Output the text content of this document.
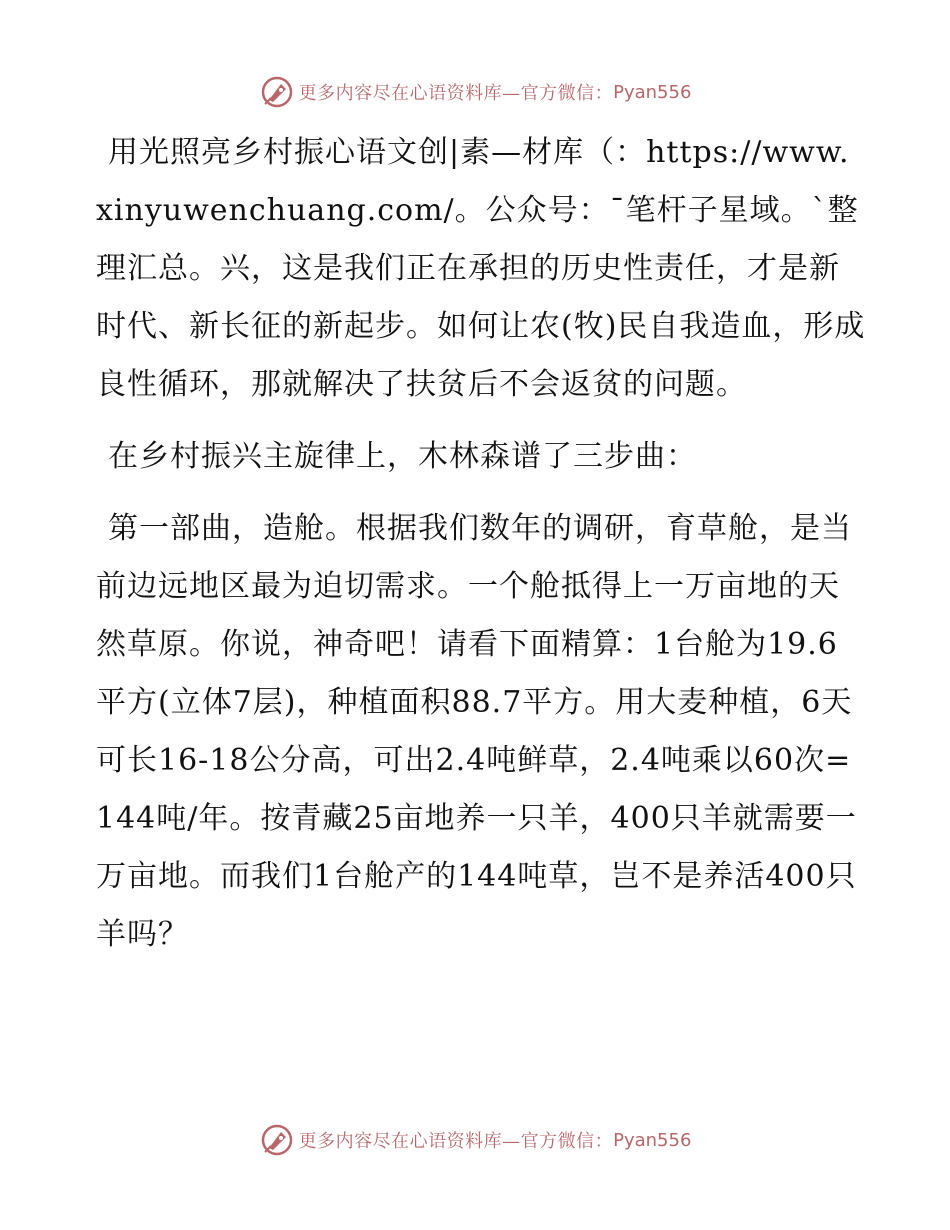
更多内容尽在心语资料库—官方微信： Pyan556

用光照亮乡村振心语文创|素—材库（：https://www.xinyuwenchuang.com/。公众号：¯笔杆子星域。`整理汇总。兴，这是我们正在承担的历史性责任，才是新时代、新长征的新起步。如何让农(牧)民自我造血，形成良性循环，那就解决了扶贫后不会返贫的问题。

在乡村振兴主旋律上，木林森谱了三步曲：

第一部曲，造舱。根据我们数年的调研，育草舱，是当前边远地区最为迫切需求。一个舱抵得上一万亩地的天然草原。你说，神奇吧！请看下面精算：1台舱为19.6平方(立体7层)，种植面积88.7平方。用大麦种植，6天可长16-18公分高，可出2.4吨鲜草，2.4吨乘以60次=144吨/年。按青藏25亩地养一只羊，400只羊就需要一万亩地。而我们1台舱产的144吨草，岂不是养活400只羊吗？

更多内容尽在心语资料库—官方微信： Pyan556
